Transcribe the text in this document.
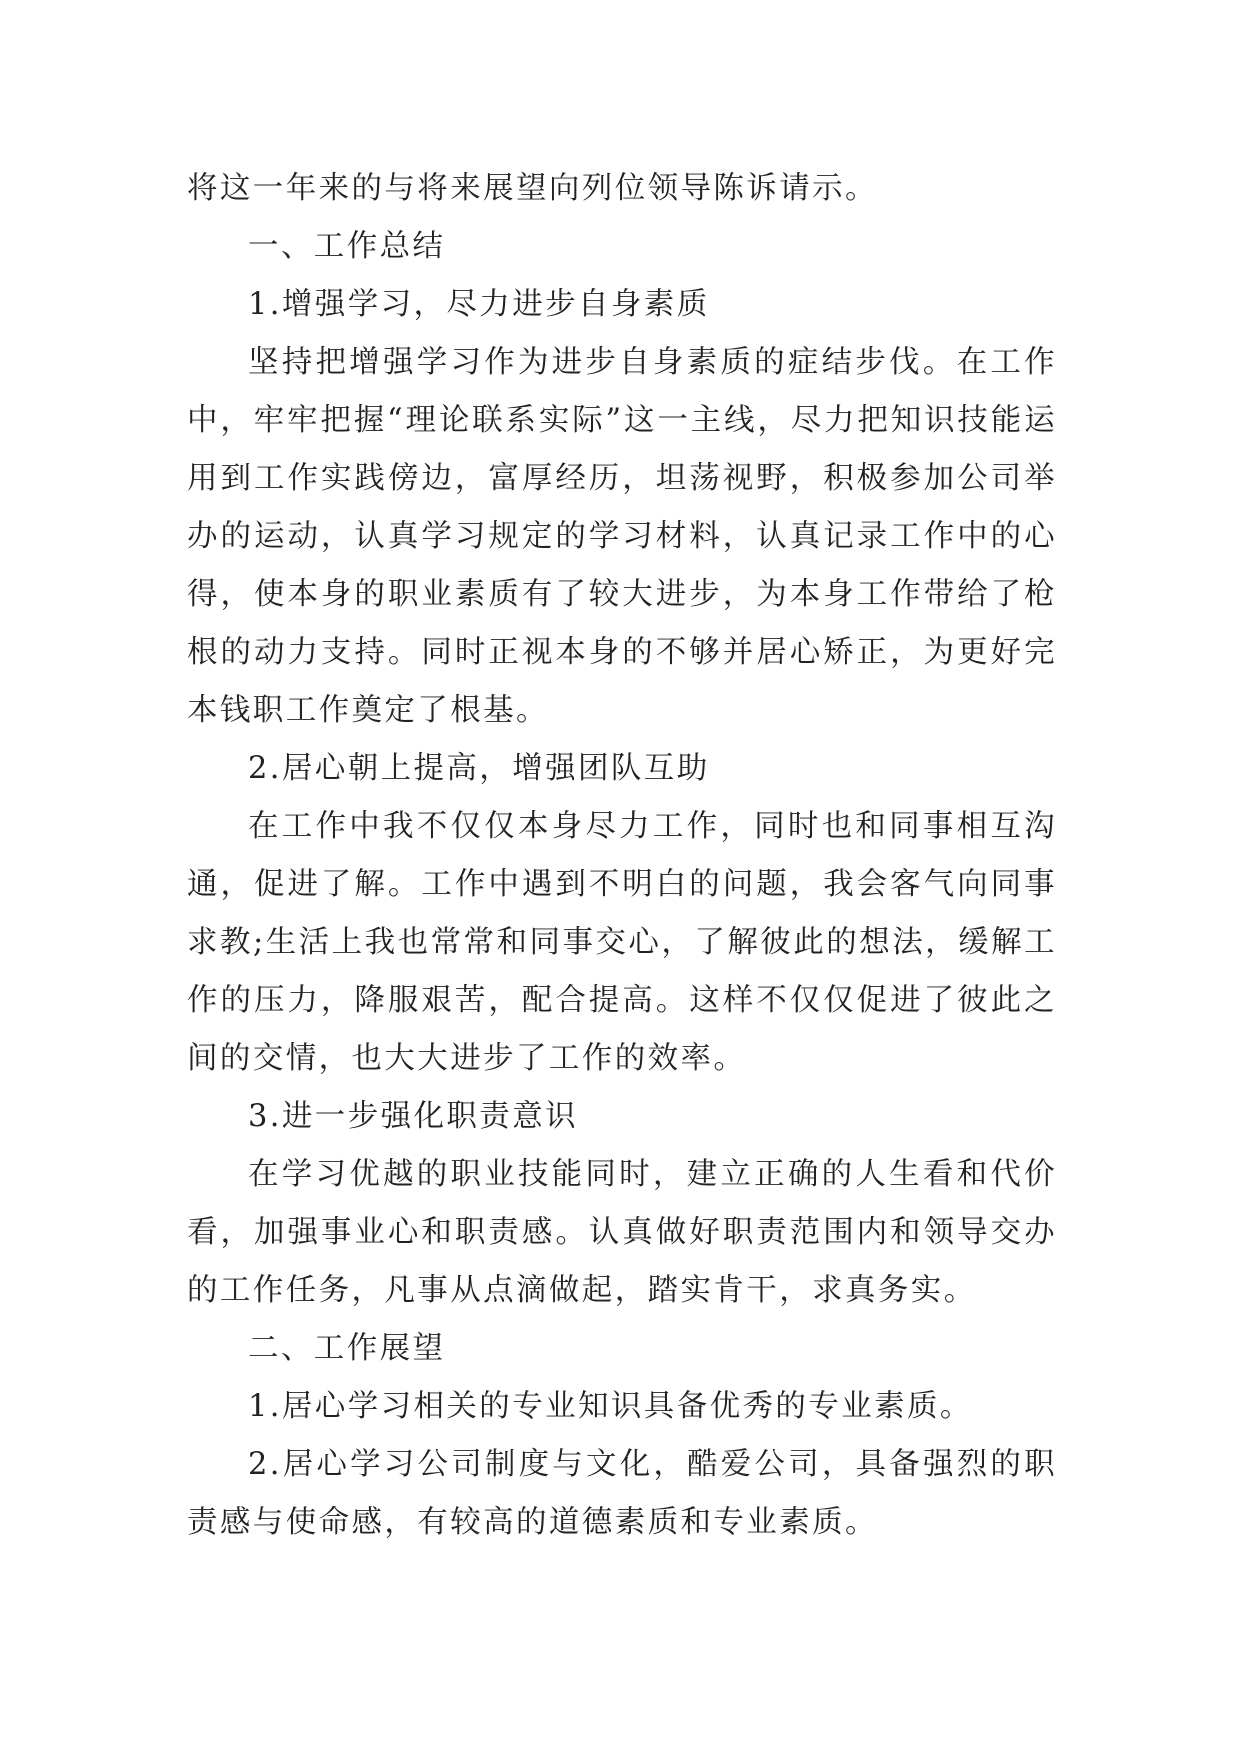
将这一年来的与将来展望向列位领导陈诉请示。

一、工作总结

1.增强学习，尽力进步自身素质

坚持把增强学习作为进步自身素质的症结步伐。在工作中，牢牢把握“理论联系实际”这一主线，尽力把知识技能运用到工作实践傍边，富厚经历，坦荡视野，积极参加公司举办的运动，认真学习规定的学习材料，认真记录工作中的心得，使本身的职业素质有了较大进步，为本身工作带给了枪根的动力支持。同时正视本身的不够并居心矫正，为更好完本钱职工作奠定了根基。

2.居心朝上提高，增强团队互助

在工作中我不仅仅本身尽力工作，同时也和同事相互沟通，促进了解。工作中遇到不明白的问题，我会客气向同事求教;生活上我也常常和同事交心，了解彼此的想法，缓解工作的压力，降服艰苦，配合提高。这样不仅仅促进了彼此之间的交情，也大大进步了工作的效率。

3.进一步强化职责意识

在学习优越的职业技能同时，建立正确的人生看和代价看，加强事业心和职责感。认真做好职责范围内和领导交办的工作任务，凡事从点滴做起，踏实肯干，求真务实。

二、工作展望

1.居心学习相关的专业知识具备优秀的专业素质。

2.居心学习公司制度与文化，酷爱公司，具备强烈的职责感与使命感，有较高的道德素质和专业素质。
